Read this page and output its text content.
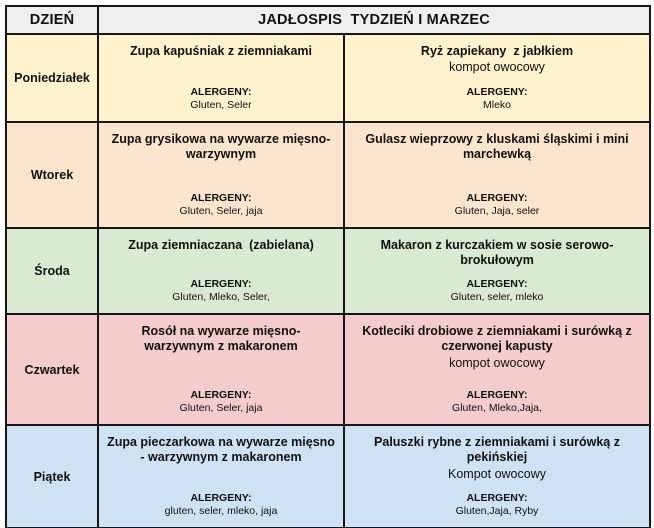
DZIEŃ	JADŁOSPIS  TYDZIEŃ I MARZEC	

Poniedziałek

Zupa kapuśniak z ziemniakami
ALERGENY:
Gluten, Seler

Ryż zapiekany  z jabłkiem
kompot owocowy
ALERGENY:
Mleko

Wtorek

Zupa grysikowa na wywarze mięsno-warzywnym
ALERGENY:
Gluten, Seler, jaja

Gulasz wieprzowy z kluskami śląskimi i mini marchewką
ALERGENY:
Gluten, Jaja, seler

Środa

Zupa ziemniaczana  (zabielana)
ALERGENY:
Gluten, Mleko, Seler,

Makaron z kurczakiem w sosie serowo-brokułowym
ALERGENY:
Gluten, seler, mleko

Czwartek

Rosół na wywarze mięsno-warzywnym z makaronem
ALERGENY:
Gluten, Seler, jaja

Kotleciki drobiowe z ziemniakami i surówką z czerwonej kapusty
kompot owocowy
ALERGENY:
Gluten, Mleko,Jaja,

Piątek

Zupa pieczarkowa na wywarze mięsno - warzywnym z makaronem
ALERGENY:
gluten, seler, mleko, jaja

Paluszki rybne z ziemniakami i surówką z pekińskiej
Kompot owocowy
ALERGENY:
Gluten,Jaja, Ryby
